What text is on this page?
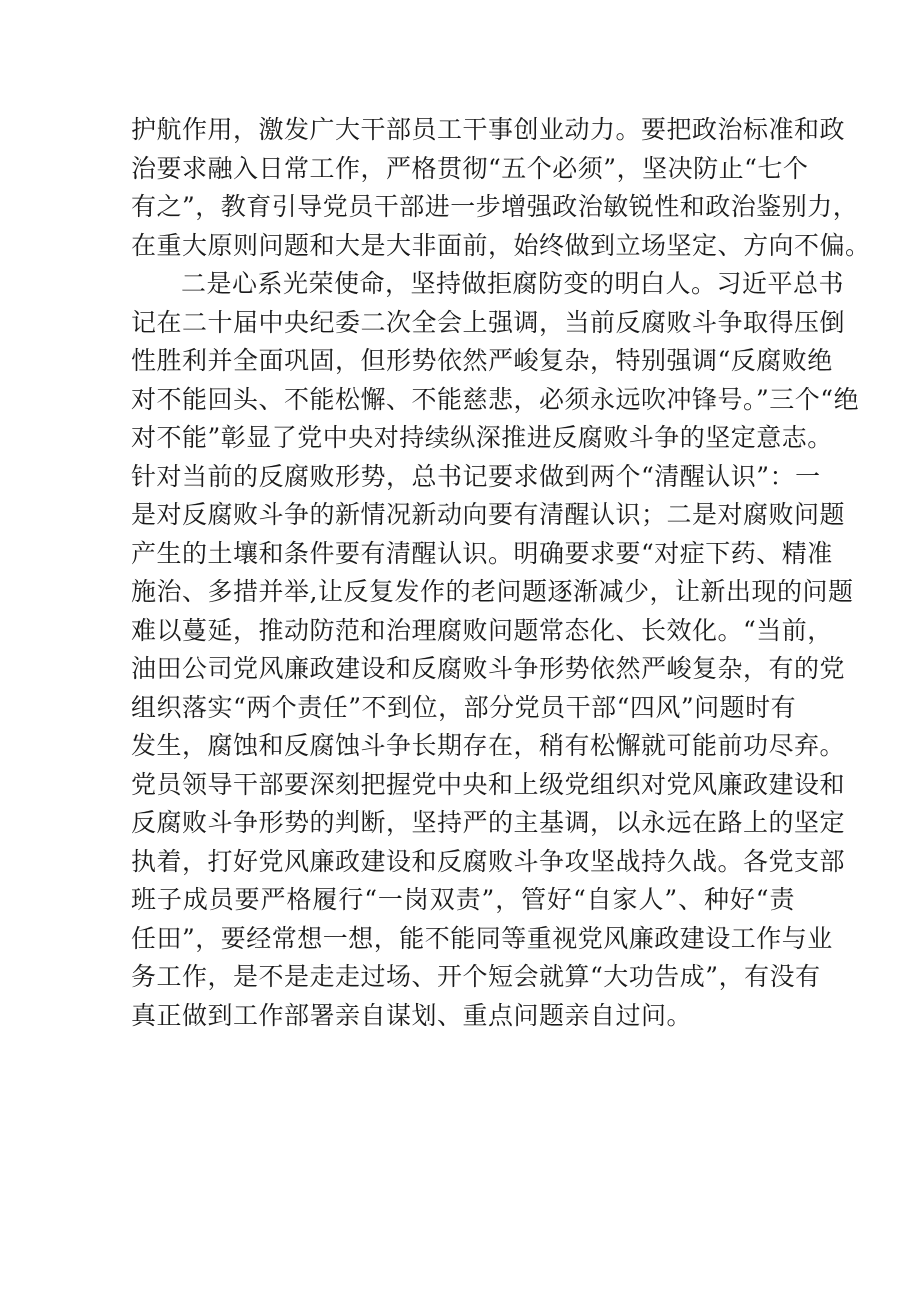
护航作用，激发广大干部员工干事创业动力。要把政治标准和政
治要求融入日常工作，严格贯彻“五个必须”，坚决防止“七个
有之”，教育引导党员干部进一步增强政治敏锐性和政治鉴别力，
在重大原则问题和大是大非面前，始终做到立场坚定、方向不偏。
二是心系光荣使命，坚持做拒腐防变的明白人。习近平总书
记在二十届中央纪委二次全会上强调，当前反腐败斗争取得压倒
性胜利并全面巩固，但形势依然严峻复杂，特别强调“反腐败绝
对不能回头、不能松懈、不能慈悲，必须永远吹冲锋号。”三个“绝
对不能”彰显了党中央对持续纵深推进反腐败斗争的坚定意志。
针对当前的反腐败形势，总书记要求做到两个“清醒认识”：一
是对反腐败斗争的新情况新动向要有清醒认识；二是对腐败问题
产生的土壤和条件要有清醒认识。明确要求要“对症下药、精准
施治、多措并举,让反复发作的老问题逐渐减少，让新出现的问题
难以蔓延，推动防范和治理腐败问题常态化、长效化。“当前，
油田公司党风廉政建设和反腐败斗争形势依然严峻复杂，有的党
组织落实“两个责任”不到位，部分党员干部“四风”问题时有
发生，腐蚀和反腐蚀斗争长期存在，稍有松懈就可能前功尽弃。
党员领导干部要深刻把握党中央和上级党组织对党风廉政建设和
反腐败斗争形势的判断，坚持严的主基调，以永远在路上的坚定
执着，打好党风廉政建设和反腐败斗争攻坚战持久战。各党支部
班子成员要严格履行“一岗双责”，管好“自家人”、种好“责
任田”，要经常想一想，能不能同等重视党风廉政建设工作与业
务工作，是不是走走过场、开个短会就算“大功告成”，有没有
真正做到工作部署亲自谋划、重点问题亲自过问。
